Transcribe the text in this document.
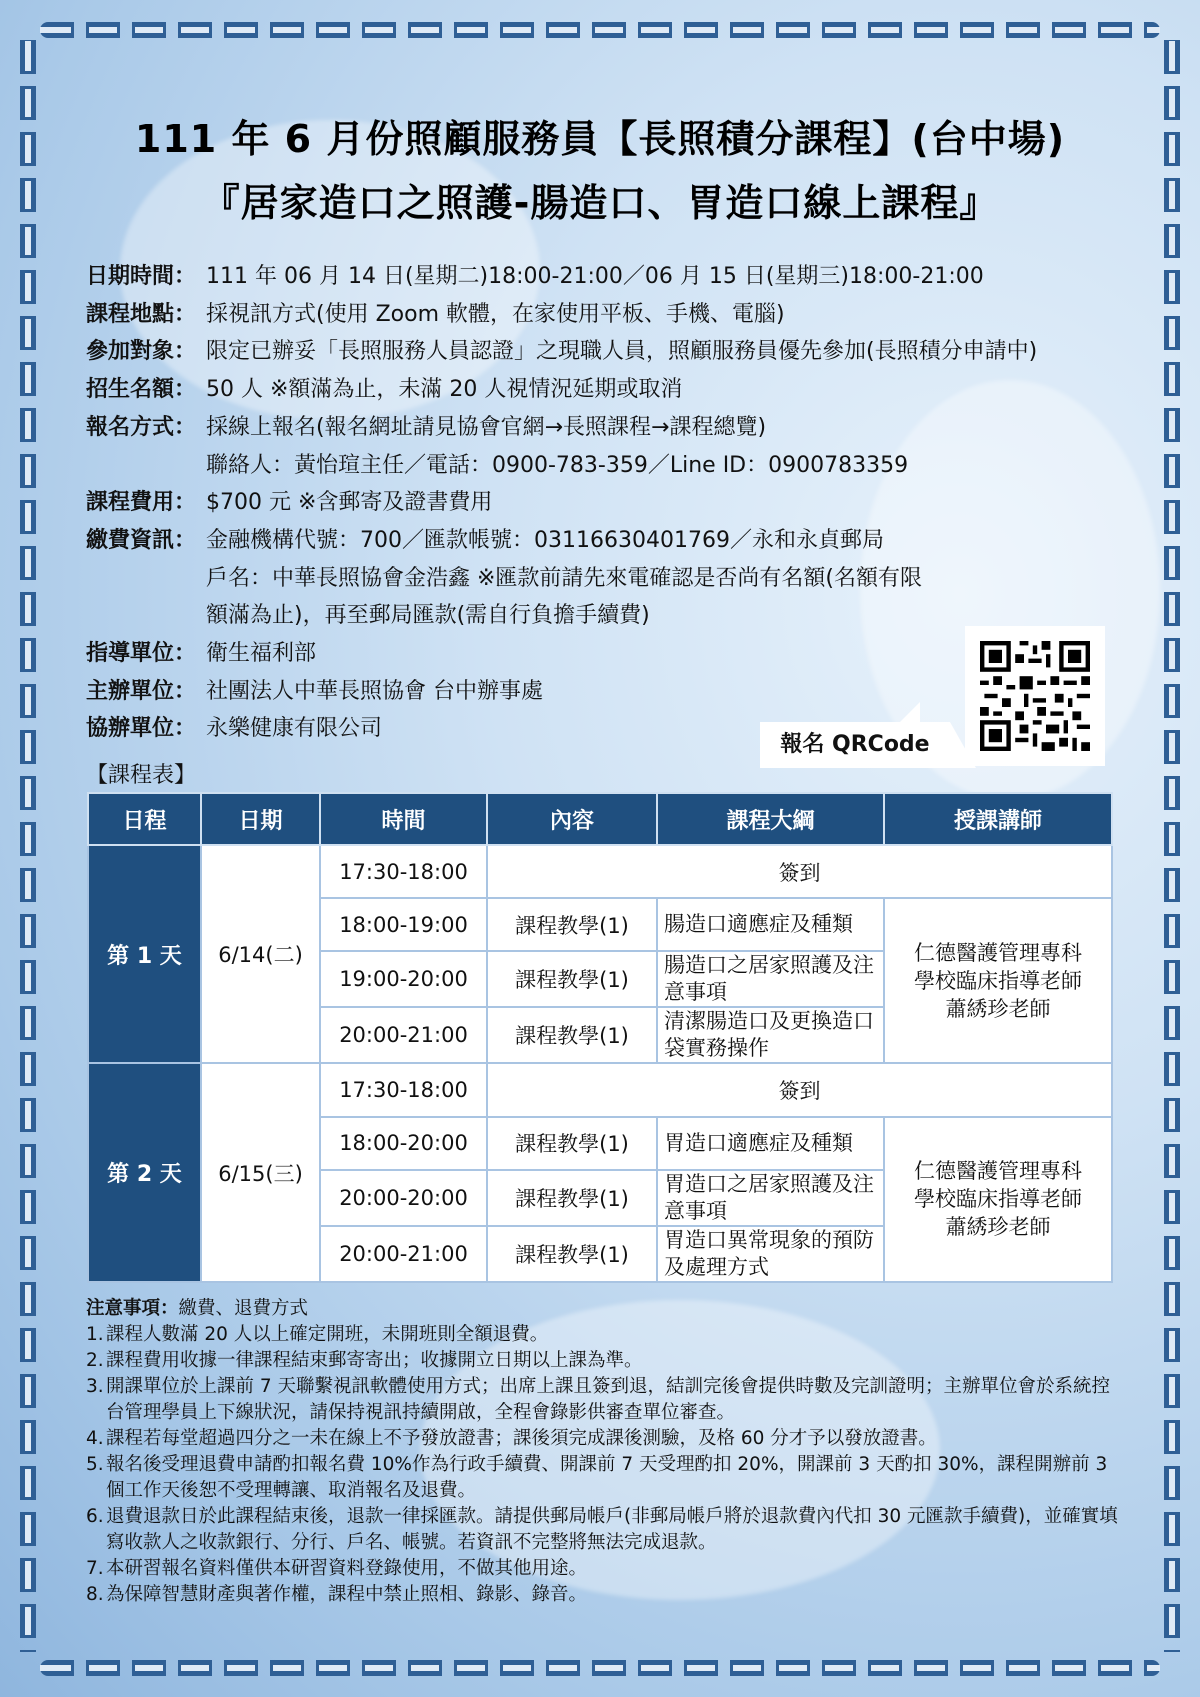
111 年 6 月份照顧服務員【長照積分課程】(台中場)
『居家造口之照護-腸造口、胃造口線上課程』
日期時間： 111 年 06 月 14 日(星期二)18:00-21:00／06 月 15 日(星期三)18:00-21:00
課程地點： 採視訊方式(使用 Zoom 軟體，在家使用平板、手機、電腦)
參加對象： 限定已辦妥「長照服務人員認證」之現職人員，照顧服務員優先參加(長照積分申請中)
招生名額： 50 人 ※額滿為止，未滿 20 人視情況延期或取消
報名方式： 採線上報名(報名網址請見協會官網→長照課程→課程總覽)
聯絡人：黃怡瑄主任／電話：0900-783-359／Line ID：0900783359
課程費用： $700 元 ※含郵寄及證書費用
繳費資訊： 金融機構代號：700／匯款帳號：03116630401769／永和永貞郵局
戶名：中華長照協會金浩鑫 ※匯款前請先來電確認是否尚有名額(名額有限
額滿為止)，再至郵局匯款(需自行負擔手續費)
指導單位： 衛生福利部
主辦單位： 社團法人中華長照協會 台中辦事處
協辦單位： 永樂健康有限公司
報名 QRCode
【課程表】
日程	日期	時間	內容	課程大綱	授課講師
第 1 天	6/14(二)	17:30-18:00	簽到		
		18:00-19:00	課程教學(1)	腸造口適應症及種類	仁德醫護管理專科
學校臨床指導老師
蕭綉珍老師

		19:00-20:00	課程教學(1)	腸造口之居家照護及注意事項	
		20:00-21:00	課程教學(1)	清潔腸造口及更換造口袋實務操作	
第 2 天	6/15(三)	17:30-18:00	簽到		
		18:00-20:00	課程教學(1)	胃造口適應症及種類	仁德醫護管理專科
學校臨床指導老師
蕭綉珍老師

		20:00-20:00	課程教學(1)	胃造口之居家照護及注意事項	
		20:00-21:00	課程教學(1)	胃造口異常現象的預防及處理方式	
注意事項：繳費、退費方式
1. 課程人數滿 20 人以上確定開班，未開班則全額退費。
2. 課程費用收據一律課程結束郵寄寄出；收據開立日期以上課為準。
3. 開課單位於上課前 7 天聯繫視訊軟體使用方式；出席上課且簽到退，結訓完後會提供時數及完訓證明；主辦單位會於系統控台管理學員上下線狀況，請保持視訊持續開啟，全程會錄影供審查單位審查。
4. 課程若每堂超過四分之一未在線上不予發放證書；課後須完成課後測驗，及格 60 分才予以發放證書。
5. 報名後受理退費申請酌扣報名費 10%作為行政手續費、開課前 7 天受理酌扣 20%，開課前 3 天酌扣 30%，課程開辦前 3 個工作天後恕不受理轉讓、取消報名及退費。
6. 退費退款日於此課程結束後，退款一律採匯款。請提供郵局帳戶(非郵局帳戶將於退款費內代扣 30 元匯款手續費)，並確實填寫收款人之收款銀行、分行、戶名、帳號。若資訊不完整將無法完成退款。
7. 本研習報名資料僅供本研習資料登錄使用，不做其他用途。
8. 為保障智慧財產與著作權，課程中禁止照相、錄影、錄音。
